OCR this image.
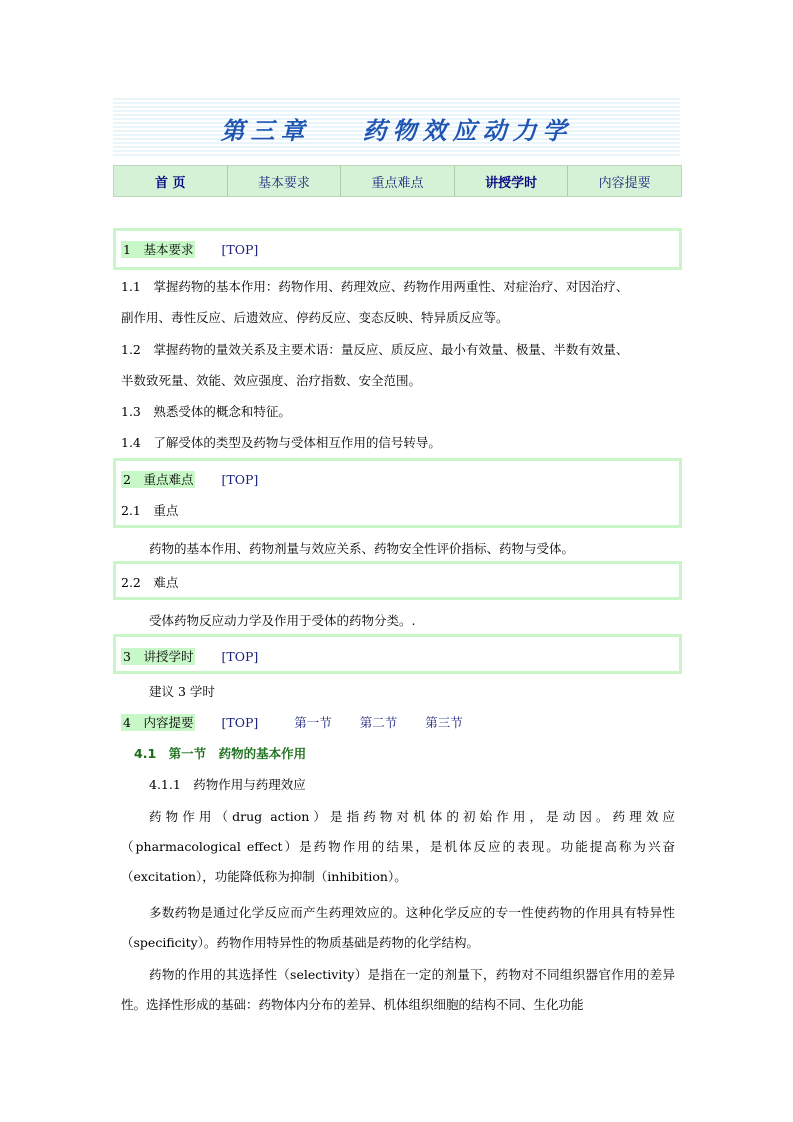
第三章 药物效应动力学
首 页	基本要求	重点难点	讲授学时	内容提要
1　 基本要求 [TOP]
1.1　掌握药物的基本作用：药物作用、药理效应、药物作用两重性、对症治疗、对因治疗、
副作用、毒性反应、后遗效应、停药反应、变态反映、特异质反应等。
1.2　掌握药物的量效关系及主要术语：量反应、质反应、最小有效量、极量、半数有效量、
半数致死量、效能、效应强度、治疗指数、安全范围。
1.3　熟悉受体的概念和特征。
1.4　了解受体的类型及药物与受体相互作用的信号转导。
2　 重点难点 [TOP]
2.1　重点
药物的基本作用、药物剂量与效应关系、药物安全性评价指标、药物与受体。
2.2　难点
受体药物反应动力学及作用于受体的药物分类。.
3　 讲授学时 [TOP]
建议 3 学时
4　 内容提要 [TOP]	第一节 第二节 第三节
4.1　第一节　药物的基本作用
4.1.1　药物作用与药理效应
药物作用（drug action）是指药物对机体的初始作用，是动因。药理效应（pharmacological effect）是药物作用的结果，是机体反应的表现。功能提高称为兴奋（excitation），功能降低称为抑制（inhibition）。
多数药物是通过化学反应而产生药理效应的。这种化学反应的专一性使药物的作用具有特异性（specificity）。药物作用特异性的物质基础是药物的化学结构。
药物的作用的其选择性（selectivity）是指在一定的剂量下，药物对不同组织器官作用的差异性。选择性形成的基础：药物体内分布的差异、机体组织细胞的结构不同、生化功能
